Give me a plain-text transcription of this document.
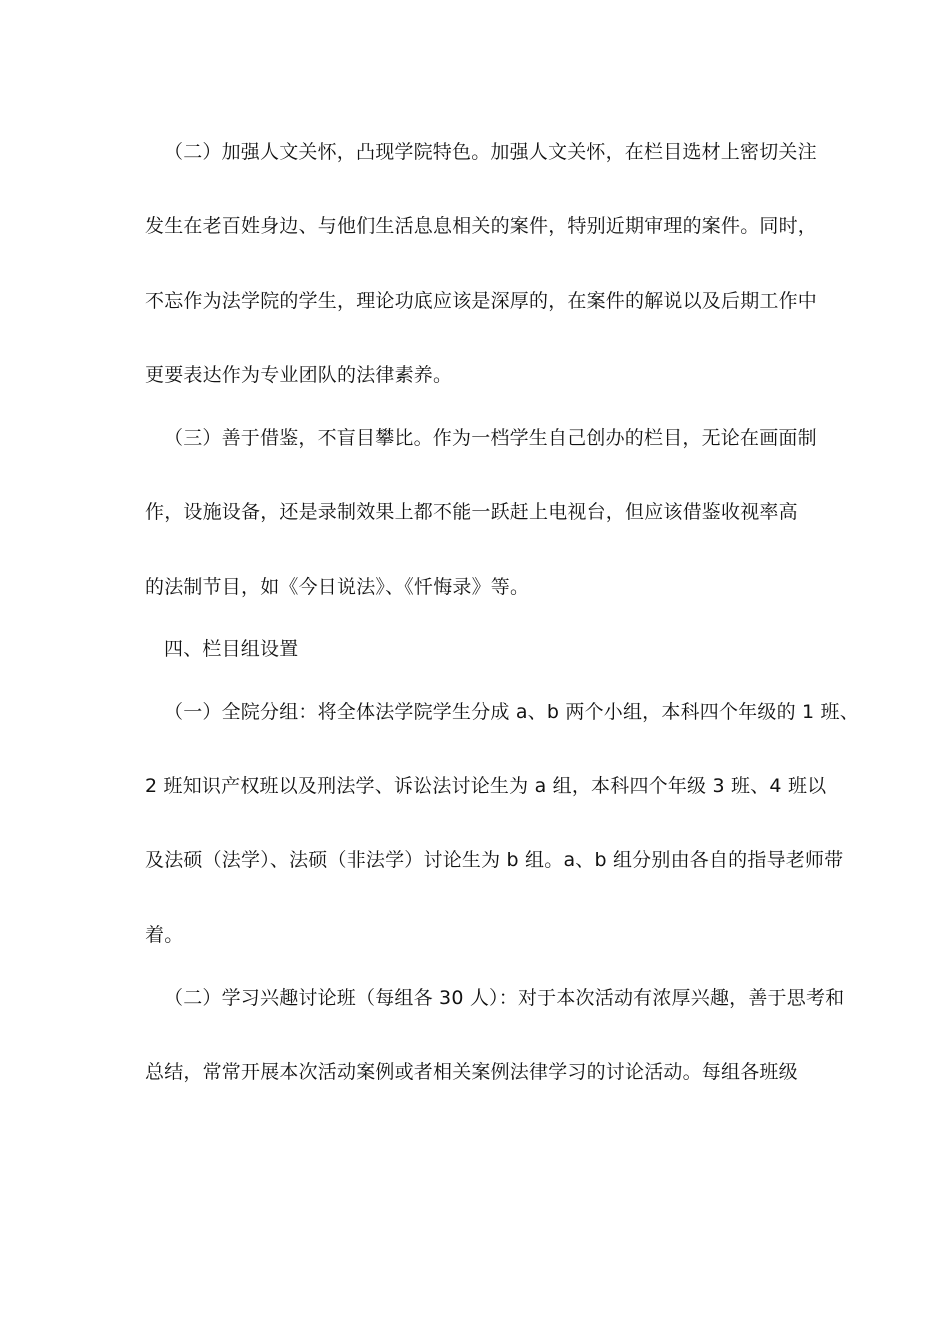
（二）加强人文关怀，凸现学院特色。加强人文关怀，在栏目选材上密切关注
发生在老百姓身边、与他们生活息息相关的案件，特别近期审理的案件。同时，
不忘作为法学院的学生，理论功底应该是深厚的，在案件的解说以及后期工作中
更要表达作为专业团队的法律素养。
（三）善于借鉴，不盲目攀比。作为一档学生自己创办的栏目，无论在画面制
作，设施设备，还是录制效果上都不能一跃赶上电视台，但应该借鉴收视率高
的法制节目，如《今日说法》、《忏悔录》等。
四、栏目组设置
（一）全院分组：将全体法学院学生分成 a、b 两个小组，本科四个年级的 1 班、
2 班知识产权班以及刑法学、诉讼法讨论生为 a 组，本科四个年级 3 班、4 班以
及法硕（法学）、法硕（非法学）讨论生为 b 组。a、b 组分别由各自的指导老师带
着。
（二）学习兴趣讨论班（每组各 30 人）：对于本次活动有浓厚兴趣，善于思考和
总结，常常开展本次活动案例或者相关案例法律学习的讨论活动。每组各班级
